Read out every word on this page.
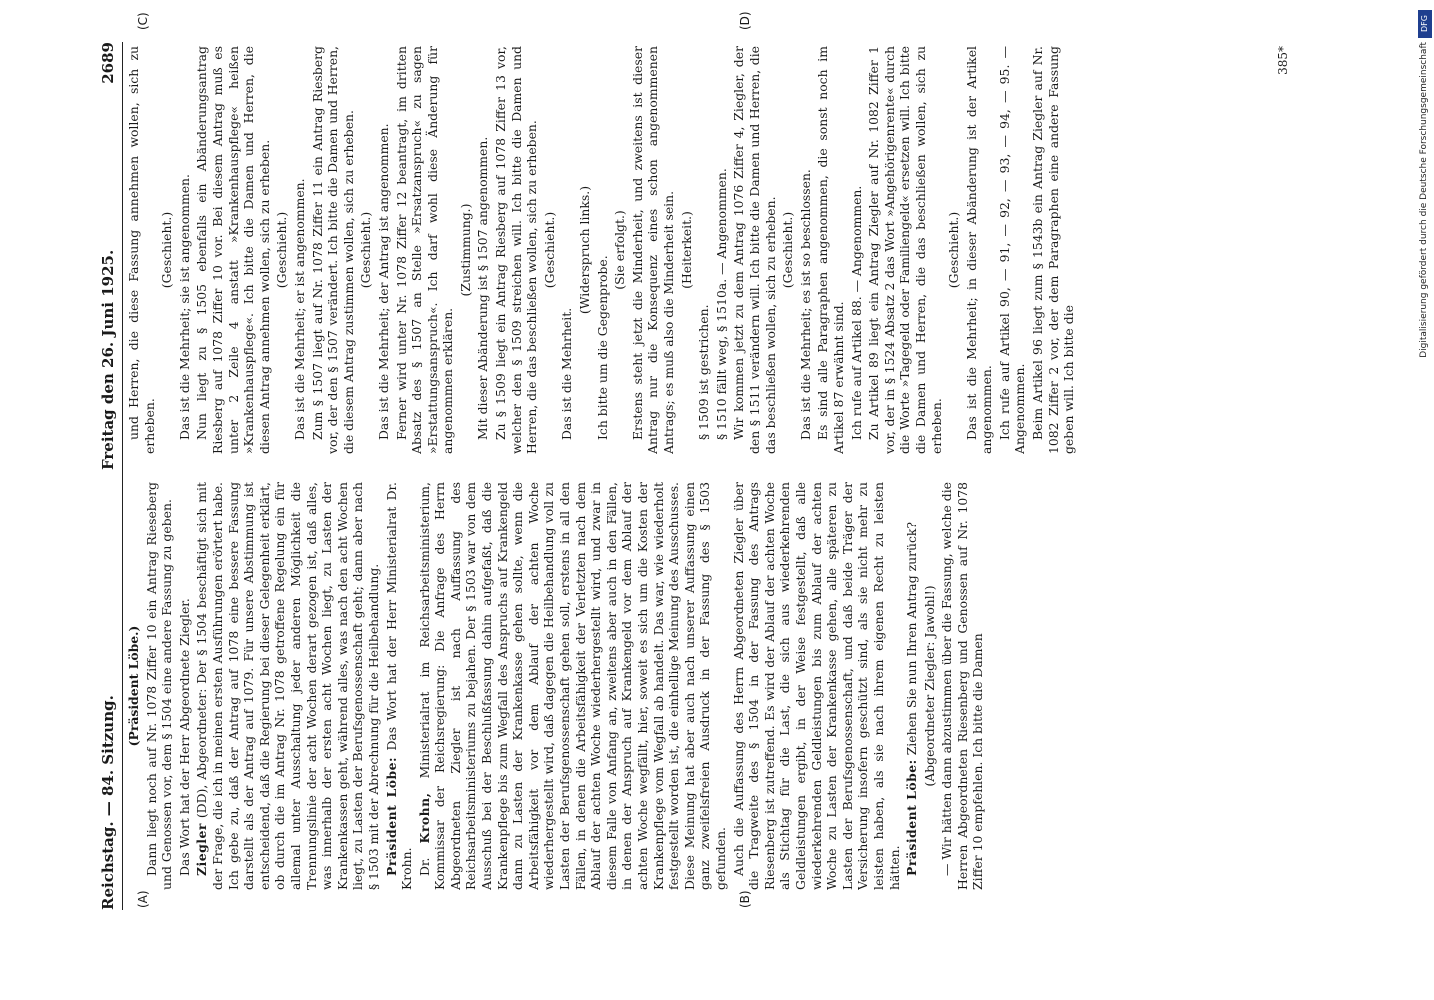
Reichstag. — 84. Sitzung.
Freitag den 26. Juni 1925.
2689
(A)	(B)
(C)	(D)

(Präsident Löbe.) Dann liegt noch auf Nr. 1078 Ziffer 10 ein Antrag Rieseberg und Genossen vor, dem § 1504 eine andere Fassung zu geben. Das Wort hat der Herr Abgeordnete Ziegler. Ziegler (DD), Abgeordneter: Der § 1504 beschäftigt sich mit der Frage, die ich in meinen ersten Ausführungen erörtert habe. Ich gebe zu, daß der Antrag auf 1078 eine bessere Fassung darstellt als der Antrag auf 1079. Für unsere Abstimmung ist entscheidend, daß die Regierung bei dieser Gelegenheit erklärt, ob durch die im Antrag Nr. 1078 getroffene Regelung ein für allemal unter Ausschaltung jeder anderen Möglichkeit die Trennungslinie der acht Wochen derart gezogen ist, daß alles, was innerhalb der ersten acht Wochen liegt, zu Lasten der Krankenkassen geht, während alles, was nach den acht Wochen liegt, zu Lasten der Berufsgenossenschaft geht; dann aber nach § 1503 mit der Abrechnung für die Heilbehandlung. Präsident Löbe: Das Wort hat der Herr Ministerialrat Dr. Krohn. Dr. Krohn, Ministerialrat im Reichsarbeitsministerium, Kommissar der Reichsregierung: Die Anfrage des Herrn Abgeordneten Ziegler ist nach Auffassung des Reichsarbeitsministeriums zu bejahen. Der § 1503 war von dem Ausschuß bei der Beschlußfassung dahin aufgefaßt, daß die Krankenpflege bis zum Wegfall des Anspruchs auf Krankengeld dann zu Lasten der Krankenkasse gehen sollte, wenn die Arbeitsfähigkeit vor dem Ablauf der achten Woche wiederhergestellt wird, daß dagegen die Heilbehandlung voll zu Lasten der Berufsgenossenschaft gehen soll, erstens in all den Fällen, in denen die Arbeitsfähigkeit der Verletzten nach dem Ablauf der achten Woche wiederhergestellt wird, und zwar in diesem Falle von Anfang an, zweitens aber auch in den Fällen, in denen der Anspruch auf Krankengeld vor dem Ablauf der achten Woche wegfällt, hier, soweit es sich um die Kosten der Krankenpflege vom Wegfall ab handelt. Das war, wie wiederholt festgestellt worden ist, die einhellige Meinung des Ausschusses. Diese Meinung hat aber auch nach unserer Auffassung einen ganz zweifelsfreien Ausdruck in der Fassung des § 1503 gefunden. Auch die Auffassung des Herrn Abgeordneten Ziegler über die Tragweite des § 1504 in der Fassung des Antrags Riesenberg ist zutreffend. Es wird der Ablauf der achten Woche als Stichtag für die Last, die sich aus wiederkehrenden Geldleistungen ergibt, in der Weise festgestellt, daß alle wiederkehrenden Geldleistungen bis zum Ablauf der achten Woche zu Lasten der Krankenkasse gehen, alle späteren zu Lasten der Berufsgenossenschaft, und daß beide Träger der Versicherung insofern geschützt sind, als sie nicht mehr zu leisten haben, als sie nach ihrem eigenen Recht zu leisten hätten. Präsident Löbe: Ziehen Sie nun Ihren Antrag zurück? (Abgeordneter Ziegler: Jawohl!) — Wir hätten dann abzustimmen über die Fassung, welche die Herren Abgeordneten Riesenberg und Genossen auf Nr. 1078 Ziffer 10 empfehlen. Ich bitte die Damen

und Herren, die diese Fassung annehmen wollen, sich zu erheben.

(Geschieht.) Das ist die Mehrheit; sie ist angenommen. Nun liegt zu § 1505 ebenfalls ein Abänderungsantrag Riesberg auf 1078 Ziffer 10 vor. Bei diesem Antrag muß es unter 2 Zeile 4 anstatt »Krankenhauspflege« heißen »Krankenhauspflege«. Ich bitte die Damen und Herren, die diesen Antrag annehmen wollen, sich zu erheben. (Geschieht.) Das ist die Mehrheit; er ist angenommen. Zum § 1507 liegt auf Nr. 1078 Ziffer 11 ein Antrag Riesberg vor, der den § 1507 verändert. Ich bitte die Damen und Herren, die diesem Antrag zustimmen wollen, sich zu erheben. (Geschieht.) Das ist die Mehrheit; der Antrag ist angenommen. Ferner wird unter Nr. 1078 Ziffer 12 beantragt, im dritten Absatz des § 1507 an Stelle »Ersatzanspruch« zu sagen »Erstattungsanspruch«. Ich darf wohl diese Änderung für angenommen erklären.

(Zustimmung.) Mit dieser Abänderung ist § 1507 angenommen. Zu § 1509 liegt ein Antrag Riesberg auf 1078 Ziffer 13 vor, welcher den § 1509 streichen will. Ich bitte die Damen und Herren, die das beschließen wollen, sich zu erheben. (Geschieht.)

Das ist die Mehrheit.

(Widerspruch links.)

Ich bitte um die Gegenprobe.

(Sie erfolgt.) Erstens steht jetzt die Minderheit, und zweitens ist dieser Antrag nur die Konsequenz eines schon angenommenen Antrags; es muß also die Minderheit sein. (Heiterkeit.)

§ 1509 ist gestrichen. § 1510 fällt weg, § 1510a. — Angenommen. Wir kommen jetzt zu dem Antrag 1076 Ziffer 4, Ziegler, der den § 1511 verändern will. Ich bitte die Damen und Herren, die das beschließen wollen, sich zu erheben. (Geschieht.) Das ist die Mehrheit; es ist so beschlossen. Es sind alle Paragraphen angenommen, die sonst noch im Artikel 87 erwähnt sind. Ich rufe auf Artikel 88. — Angenommen. Zu Artikel 89 liegt ein Antrag Ziegler auf Nr. 1082 Ziffer 1 vor, der in § 1524 Absatz 2 das Wort »Angehörigenrente« durch die Worte »Tagegeld oder Familiengeld« ersetzen will. Ich bitte die Damen und Herren, die das beschließen wollen, sich zu erheben.

(Geschieht.) Das ist die Mehrheit; in dieser Abänderung ist der Artikel angenommen. Ich rufe auf Artikel 90, — 91, — 92, — 93, — 94, — 95. — Angenommen. Beim Artikel 96 liegt zum § 1543b ein Antrag Ziegler auf Nr. 1082 Ziffer 2 vor, der dem Paragraphen eine andere Fassung geben will. Ich bitte die

385*
DFG
Digitalisierung gefördert durch die Deutsche Forschungsgemeinschaft
